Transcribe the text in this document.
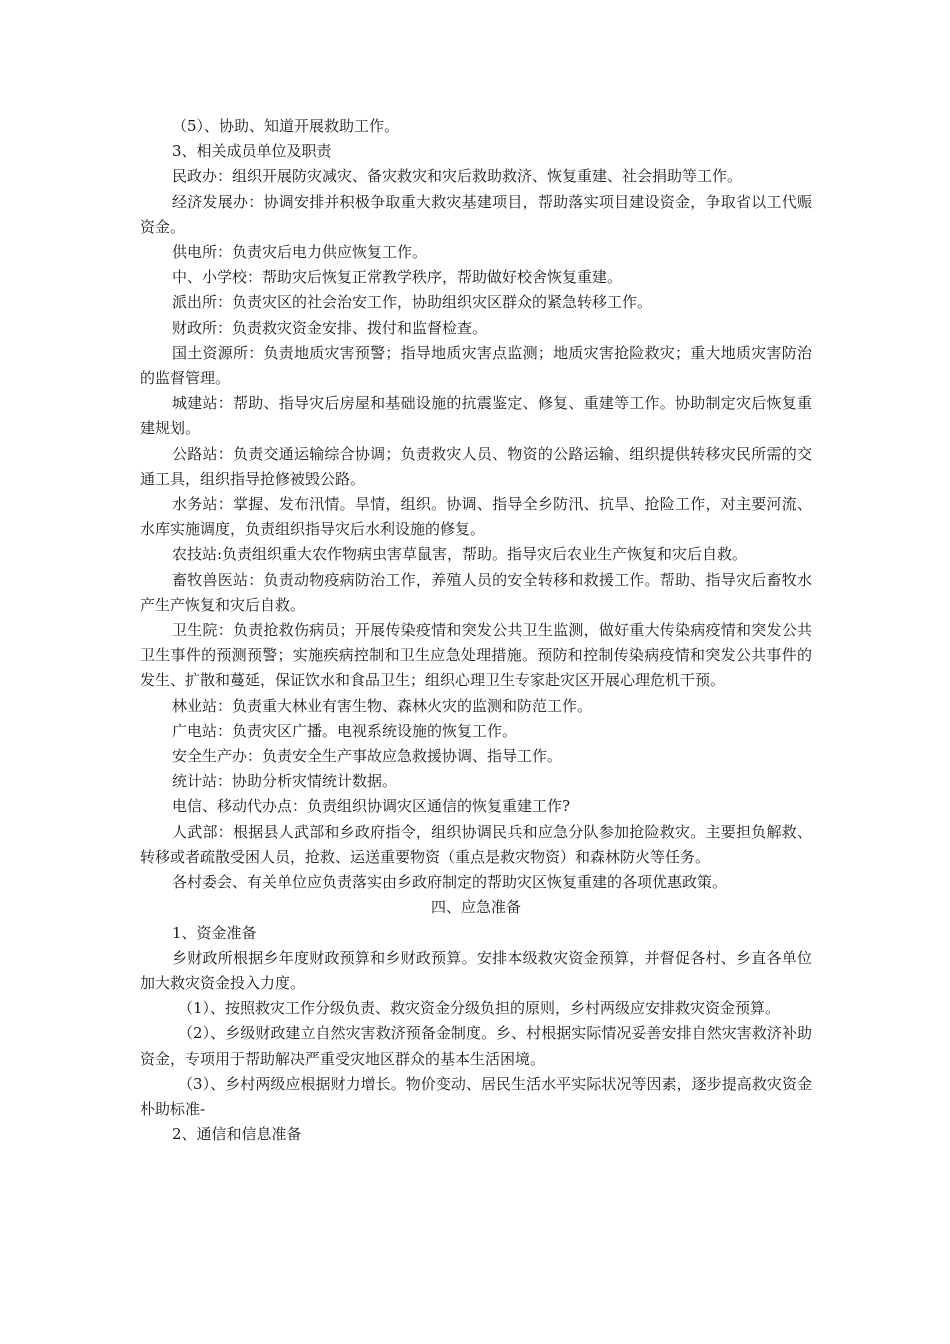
（5）、协助、知道开展救助工作。

3、相关成员单位及职责

民政办：组织开展防灾减灾、备灾救灾和灾后救助救济、恢复重建、社会捐助等工作。

经济发展办：协调安排并积极争取重大救灾基建项目，帮助落实项目建设资金，争取省以工代赈资金。

供电所：负责灾后电力供应恢复工作。

中、小学校：帮助灾后恢复正常教学秩序，帮助做好校舍恢复重建。

派出所：负责灾区的社会治安工作，协助组织灾区群众的紧急转移工作。

财政所：负责救灾资金安排、拨付和监督检查。

国土资源所：负责地质灾害预警；指导地质灾害点监测；地质灾害抢险救灾；重大地质灾害防治的监督管理。

城建站：帮助、指导灾后房屋和基础设施的抗震鉴定、修复、重建等工作。协助制定灾后恢复重建规划。

公路站：负责交通运输综合协调；负责救灾人员、物资的公路运输、组织提供转移灾民所需的交通工具，组织指导抢修被毁公路。

水务站：掌握、发布汛情。旱情，组织。协调、指导全乡防汛、抗旱、抢险工作，对主要河流、水库实施调度，负责组织指导灾后水利设施的修复。

农技站:负责组织重大农作物病虫害草鼠害，帮助。指导灾后农业生产恢复和灾后自救。

畜牧兽医站：负责动物疫病防治工作，养殖人员的安全转移和救援工作。帮助、指导灾后畜牧水产生产恢复和灾后自救。

卫生院：负责抢救伤病员；开展传染疫情和突发公共卫生监测，做好重大传染病疫情和突发公共卫生事件的预测预警；实施疾病控制和卫生应急处理措施。预防和控制传染病疫情和突发公共事件的发生、扩散和蔓延，保证饮水和食品卫生；组织心理卫生专家赴灾区开展心理危机干预。

林业站：负责重大林业有害生物、森林火灾的监测和防范工作。

广电站：负责灾区广播。电视系统设施的恢复工作。

安全生产办：负责安全生产事故应急救援协调、指导工作。

统计站：协助分析灾情统计数据。

电信、移动代办点：负责组织协调灾区通信的恢复重建工作?

人武部：根据县人武部和乡政府指令，组织协调民兵和应急分队参加抢险救灾。主要担负解救、转移或者疏散受困人员，抢救、运送重要物资（重点是救灾物资）和森林防火等任务。

各村委会、有关单位应负责落实由乡政府制定的帮助灾区恢复重建的各项优惠政策。

四、应急准备

1、资金准备

乡财政所根据乡年度财政预算和乡财政预算。安排本级救灾资金预算，并督促各村、乡直各单位加大救灾资金投入力度。

（1）、按照救灾工作分级负责、救灾资金分级负担的原则，乡村两级应安排救灾资金预算。

（2）、乡级财政建立自然灾害救济预备金制度。乡、村根据实际情况妥善安排自然灾害救济补助资金，专项用于帮助解决严重受灾地区群众的基本生活困境。

（3）、乡村两级应根据财力增长。物价变动、居民生活水平实际状况等因素，逐步提高救灾资金朴助标准-

2、通信和信息准备
